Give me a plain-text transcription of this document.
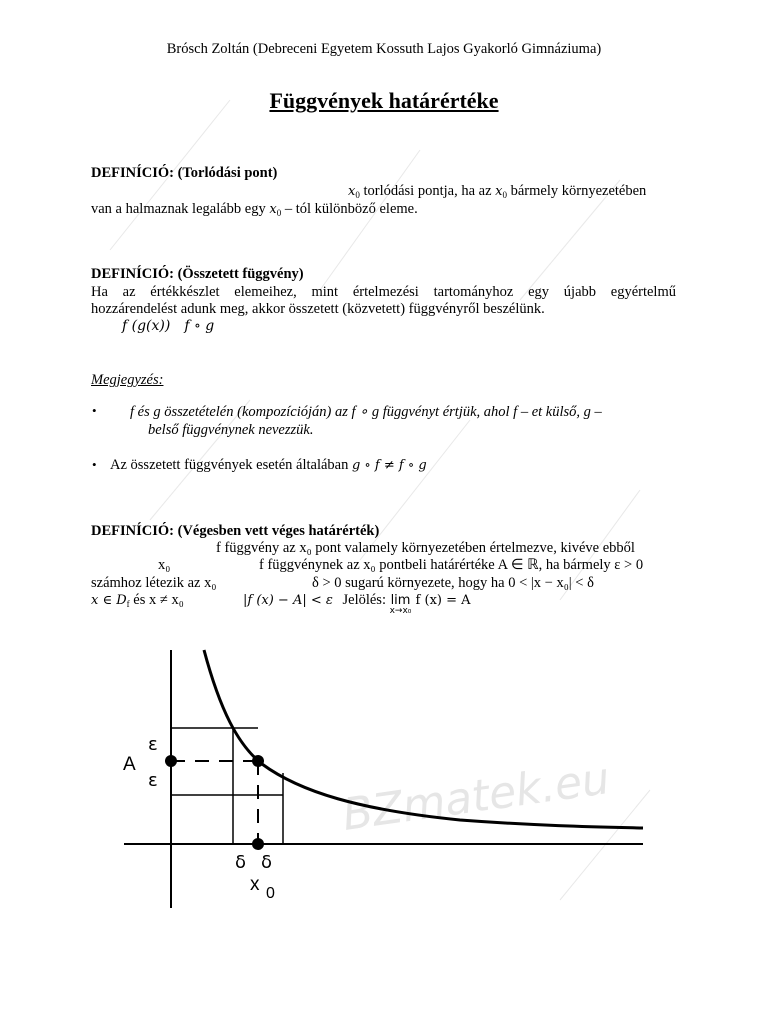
Brósch Zoltán (Debreceni Egyetem Kossuth Lajos Gyakorló Gimnáziuma)
Függvények határértéke
DEFINÍCIÓ: (Torlódási pont)
$x_0$ torlódási pontja, ha az $x_0$ bármely környezetében
van a halmaznak legalább egy $x_0$ – tól különböző eleme.
DEFINÍCIÓ: (Összetett függvény)
Ha az értékkészlet elemeihez, mint értelmezési tartományhoz egy újabb egyértelmű
hozzárendelést adunk meg, akkor összetett (közvetett) függvényről beszélünk.
f (g(x)) f ∘ g
Megjegyzés:
• f és g összetételén (kompozícióján) az f ∘ g függvényt értjük, ahol f – et külső, g –
belső függvénynek nevezzük.
• Az összetett függvények esetén általában g ∘ f ≠ f ∘ g
DEFINÍCIÓ: (Végesben vett véges határérték)
f függvény az x₀ pont valamely környezetében értelmezve, kivéve ebből
x₀	f függvénynek az x₀ pontbeli határértéke A ∈ ℝ, ha bármely ε > 0
számhoz létezik az x₀	δ > 0 sugarú környezete, hogy ha 0 < |x − x₀| < δ
x ∈ $D_f$ és x ≠ x₀	|f (x) − A| < ε Jelölés: lim
x→x₀
f (x) = A
BZmatek.eu
A
ε
ε
δ δ
x 0
